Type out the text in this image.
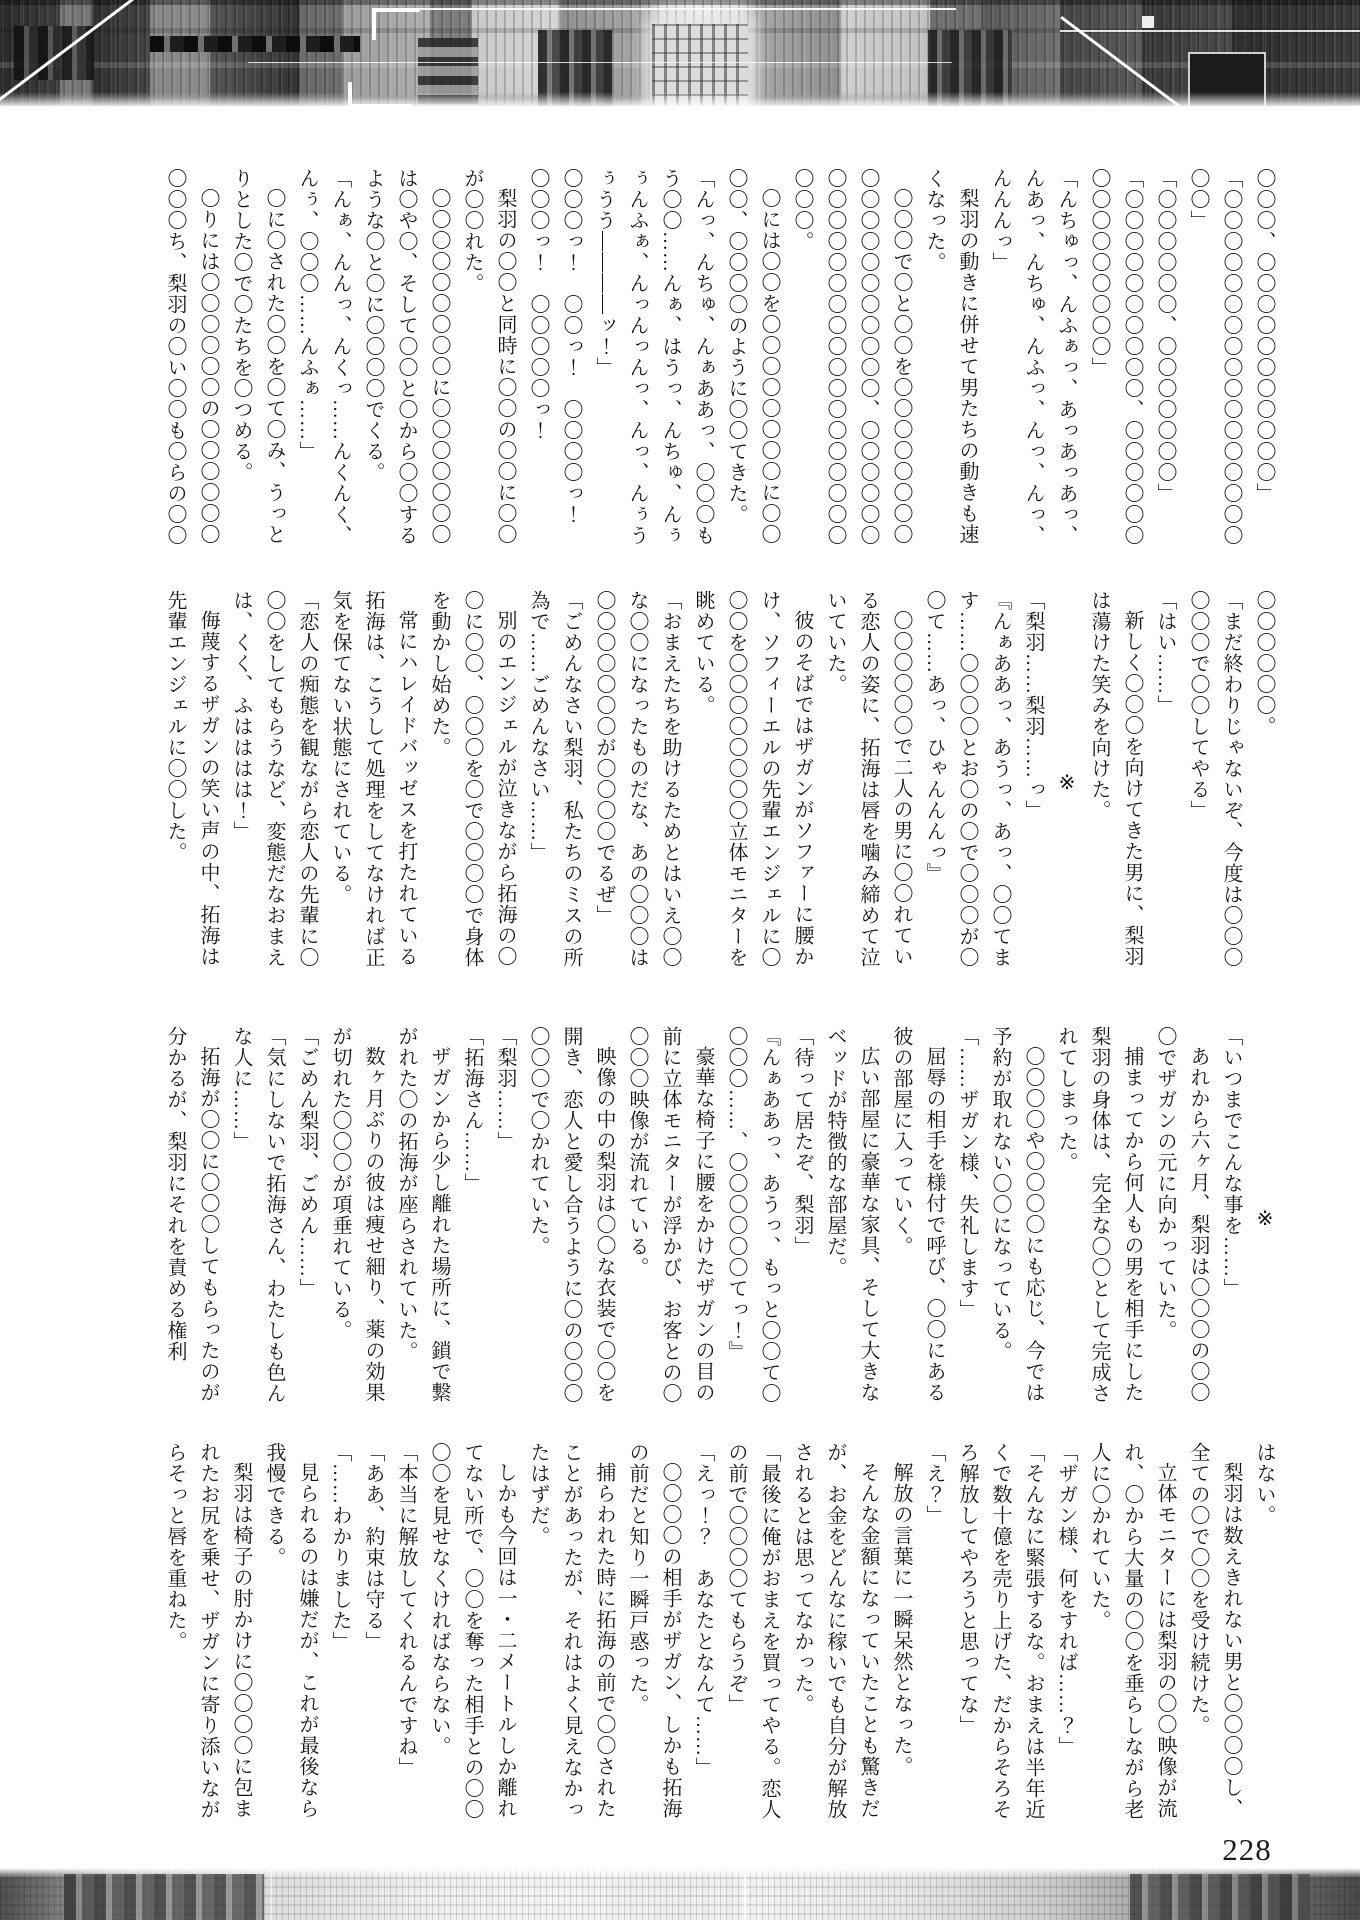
〇〇〇、〇〇〇〇〇〇〇〇〇〇〇」

「〇〇〇〇〇〇〇〇〇〇〇〇〇〇〇〇〇〇〇」

「〇〇〇〇〇〇、〇〇〇〇〇〇〇」

「〇〇〇〇〇〇〇〇〇〇、〇〇〇〇〇〇〇〇〇〇〇〇〇〇〇」

「んちゅっ、んふぁっ、あっあっあっ、んあっ、んちゅ、んふっ、んっ、んっ、んんんっ」

梨羽の動きに併せて男たちの動きも速くなった。

〇〇〇で〇と〇〇を〇〇〇〇〇〇〇〇〇〇〇〇〇〇〇〇〇〇〇、〇〇〇〇〇〇〇〇〇〇〇〇〇〇〇〇〇〇〇〇〇〇〇〇〇〇〇。

〇には〇〇を〇〇〇〇〇〇〇〇に〇〇〇〇、〇〇〇〇のように〇〇てきた。

「んっ、んちゅ、んぁああっ、〇〇〇もう〇〇……んぁ、はうっ、んちゅ、んぅぅんふぁ、んっんっんっ、んっ、んぅうぅうう――――ッ！」

〇〇〇っ！　〇〇っ！　〇〇〇〇っ！　〇〇〇っ！　〇〇〇〇〇っ！

梨羽の〇〇と同時に〇〇の〇〇に〇〇が〇〇れた。

〇〇〇〇〇〇〇〇〇に〇〇〇〇〇〇〇は〇や〇、そして〇〇と〇から〇〇するような〇と〇に〇〇〇〇でくる。

「んぁ、んんっ、んくっ……んくんく、んぅ、〇〇〇……んふぁ……」

〇に〇された〇〇を〇て〇み、うっとりとした〇で〇たちを〇つめる。

〇りには〇〇〇〇〇〇の〇〇〇〇〇〇〇〇〇ち、梨羽の〇い〇〇も〇らの〇〇

〇〇〇〇〇〇。

「まだ終わりじゃないぞ、今度は〇〇〇〇〇〇で〇〇してやる」

「はい……」

新しく〇〇〇を向けてきた男に、梨羽は蕩けた笑みを向けた。

※

「梨羽……梨羽……っ」

『んぁああっ、あうっ、あっ、〇〇てます……〇〇〇〇とお〇の〇で〇〇〇が〇〇て……あっ、ひゃんんんっ』

〇〇〇〇〇〇で二人の男に〇〇れている恋人の姿に、拓海は唇を噛み締めて泣いていた。

彼のそばではザガンがソファーに腰かけ、ソフィーエルの先輩エンジェルに〇〇〇を〇〇〇〇〇〇〇〇立体モニターを眺めている。

「おまえたちを助けるためとはいえ〇〇な〇〇になったものだな、あの〇〇〇は〇〇〇〇〇〇〇が〇〇〇〇でるぜ」

「ごめんなさい梨羽、私たちのミスの所為で……ごめんなさい……」

別のエンジェルが泣きながら拓海の〇〇に〇〇、〇〇〇を〇で〇〇〇〇で身体を動かし始めた。

常にハレイドバッゼスを打たれている拓海は、こうして処理をしてなければ正気を保てない状態にされている。

「恋人の痴態を観ながら恋人の先輩に〇〇〇をしてもらうなど、変態だなおまえは、くく、ふはははは！」

侮蔑するザガンの笑い声の中、拓海は先輩エンジェルに〇〇した。

※

「いつまでこんな事を……」

あれから六ヶ月、梨羽は〇〇〇の〇〇〇でザガンの元に向かっていた。

捕まってから何人もの男を相手にした梨羽の身体は、完全な〇〇として完成されてしまった。

〇〇〇〇や〇〇〇〇にも応じ、今では予約が取れない〇〇になっている。

「……ザガン様、失礼します」

屈辱の相手を様付で呼び、〇〇にある彼の部屋に入っていく。

広い部屋に豪華な家具、そして大きなベッドが特徴的な部屋だ。

「待って居たぞ、梨羽」

『んぁああっ、あうっ、もっと〇〇て〇〇〇〇……、〇〇〇〇〇〇てっ！』

豪華な椅子に腰をかけたザガンの目の前に立体モニターが浮かび、お客との〇〇〇〇映像が流れている。

映像の中の梨羽は〇〇な衣装で〇〇を開き、恋人と愛し合うように〇の〇〇〇〇〇〇で〇かれていた。

「梨羽……」

「拓海さん……」

ザガンから少し離れた場所に、鎖で繋がれた〇の拓海が座らされていた。

数ヶ月ぶりの彼は痩せ細り、薬の効果が切れた〇〇〇が項垂れている。

「ごめん梨羽、ごめん……」

「気にしないで拓海さん、わたしも色んな人に……」

拓海が〇〇に〇〇〇してもらったのが分かるが、梨羽にそれを責める権利

はない。

梨羽は数えきれない男と〇〇〇〇し、全ての〇で〇〇を受け続けた。

立体モニターには梨羽の〇〇映像が流れ、〇から大量の〇〇を垂らしながら老人に〇かれていた。

「ザガン様、何をすれば……？」

「そんなに緊張するな。おまえは半年近くで数十億を売り上げた、だからそろそろ解放してやろうと思ってな」

「え？」

解放の言葉に一瞬呆然となった。

そんな金額になっていたことも驚きだが、お金をどんなに稼いでも自分が解放されるとは思ってなかった。

「最後に俺がおまえを買ってやる。恋人の前で〇〇〇〇てもらうぞ」

「えっ！？　あなたとなんて……」

〇〇〇〇の相手がザガン、しかも拓海の前だと知り一瞬戸惑った。

捕らわれた時に拓海の前で〇〇されたことがあったが、それはよく見えなかったはずだ。

しかも今回は一・二メートルしか離れてない所で、〇〇を奪った相手との〇〇〇〇を見せなくければならない。

「本当に解放してくれるんですね」

「ああ、約束は守る」

「……わかりました」

見られるのは嫌だが、これが最後なら我慢できる。

梨羽は椅子の肘かけに〇〇〇〇に包まれたお尻を乗せ、ザガンに寄り添いながらそっと唇を重ねた。

228
